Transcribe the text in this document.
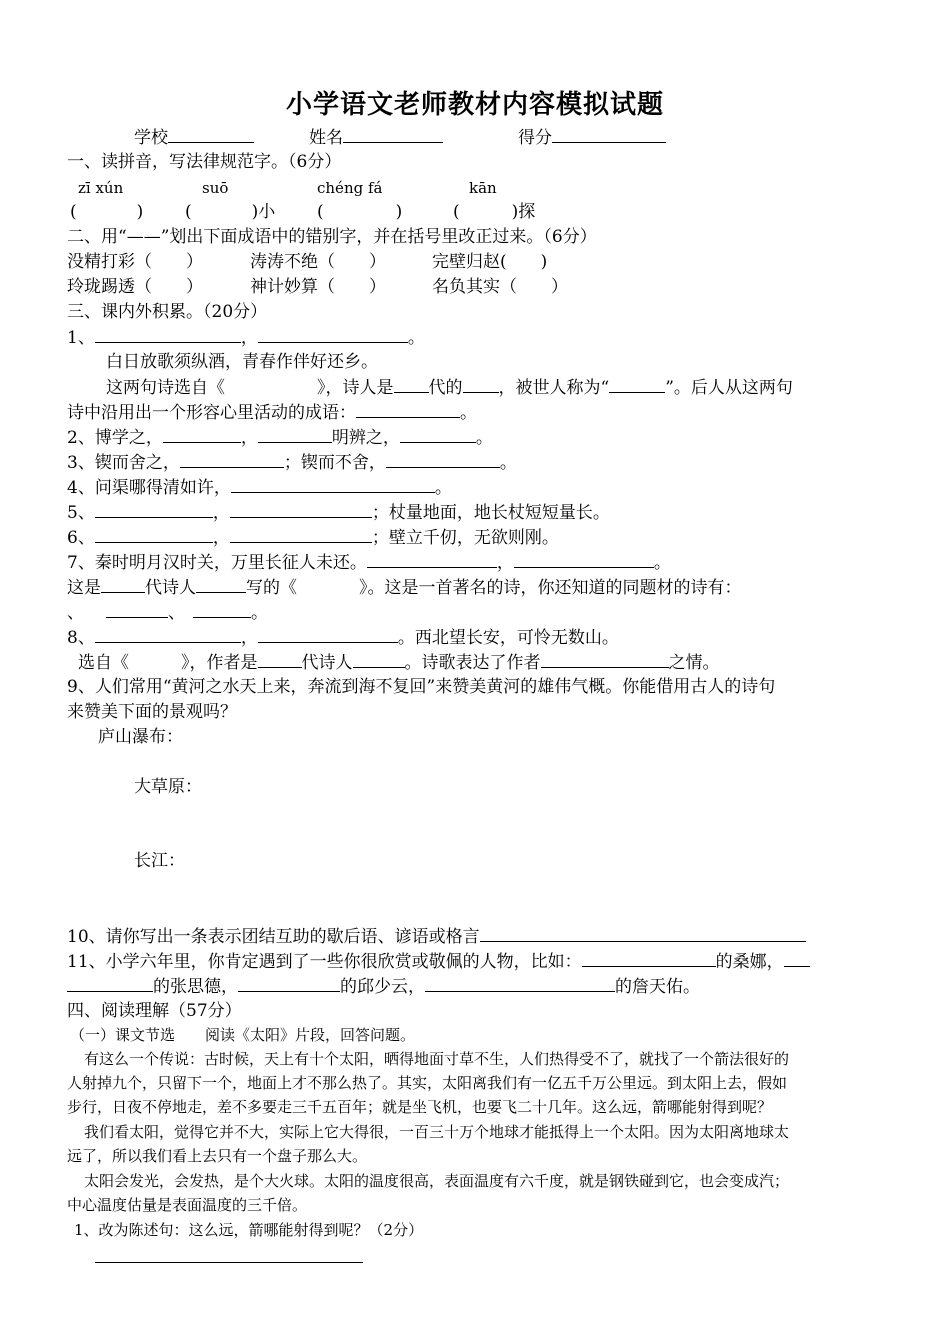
小学语文老师教材内容模拟试题
学校	姓名	得分
一、读拼音，写法律规范字。（6分）
zī xún	suō	chéng fá	kān
(	) (	)小 (	)	(	)探
二、用“——”划出下面成语中的错别字，并在括号里改正过来。（6分）
没精打彩（　　）	涛涛不绝（　　）	完壁归赵(　　)
玲珑踢透（　　）	神计妙算（　　）	名负其实（　　）
三、课内外积累。（20分）
1、	，	。
白日放歌须纵酒，青春作伴好还乡。
这两句诗选自《	》，诗人是 代的 ，被世人称为“	”。后人从这两句
诗中沿用出一个形容心里活动的成语：	。
2、博学之，	，	明辨之，	。
3、锲而舍之，	；锲而不舍，	。
4、问渠哪得清如许，	。
5、	，	；杖量地面，地长杖短短量长。
6、	，	；壁立千仞，无欲则刚。
7、秦时明月汉时关，万里长征人未还。	，	。
这是	代诗人	写的《	》。这是一首著名的诗，你还知道的同题材的诗有：
、	、	。
8、	，	。西北望长安，可怜无数山。
选自《	》，作者是	代诗人	。诗歌表达了作者	之情。
9、人们常用“黄河之水天上来，奔流到海不复回”来赞美黄河的雄伟气概。你能借用古人的诗句
来赞美下面的景观吗？
庐山瀑布：
大草原：
长江：
10、请你写出一条表示团结互助的歇后语、谚语或格言
11、小学六年里，你肯定遇到了一些你很欣赏或敬佩的人物，比如：	的桑娜，
的张思德，	的邱少云，	的詹天佑。
四、阅读理解（57分）
（一）课文节选　　阅读《太阳》片段，回答问题。
有这么一个传说：古时候，天上有十个太阳，晒得地面寸草不生，人们热得受不了，就找了一个箭法很好的
人射掉九个，只留下一个，地面上才不那么热了。其实，太阳离我们有一亿五千万公里远。到太阳上去，假如
步行，日夜不停地走，差不多要走三千五百年；就是坐飞机，也要飞二十几年。这么远，箭哪能射得到呢？
我们看太阳，觉得它并不大，实际上它大得很，一百三十万个地球才能抵得上一个太阳。因为太阳离地球太
远了，所以我们看上去只有一个盘子那么大。
太阳会发光，会发热，是个大火球。太阳的温度很高，表面温度有六千度，就是钢铁碰到它，也会变成汽；
中心温度估量是表面温度的三千倍。
1、改为陈述句：这么远，箭哪能射得到呢？（2分）
